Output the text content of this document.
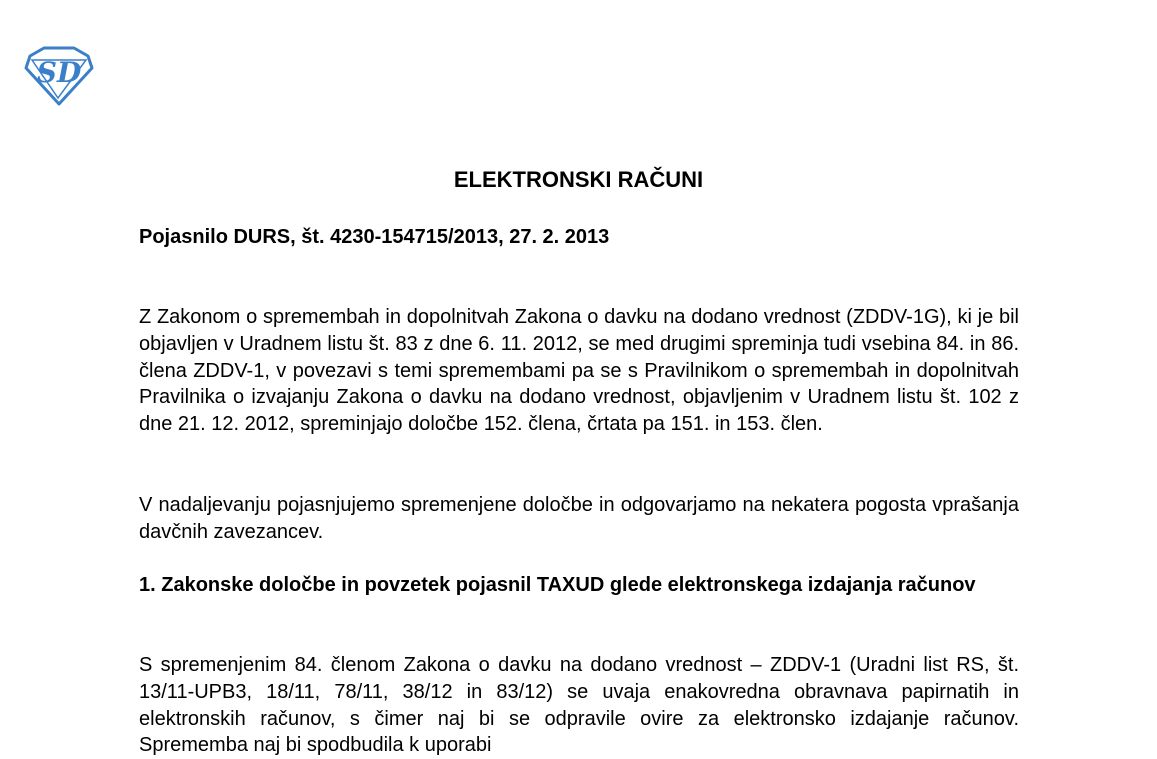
SD
ELEKTRONSKI RAČUNI

Pojasnilo DURS, št. 4230-154715/2013, 27. 2. 2013

Z Zakonom o spremembah in dopolnitvah Zakona o davku na dodano vrednost (ZDDV-1G), ki je bil objavljen v Uradnem listu št. 83 z dne 6. 11. 2012, se med drugimi spreminja tudi vsebina 84. in 86. člena ZDDV-1, v povezavi s temi spremembami pa se s Pravilnikom o spremembah in dopolnitvah Pravilnika o izvajanju Zakona o davku na dodano vrednost, objavljenim v Uradnem listu št. 102 z dne 21. 12. 2012, spreminjajo določbe 152. člena, črtata pa 151. in 153. člen.

V nadaljevanju pojasnjujemo spremenjene določbe in odgovarjamo na nekatera pogosta vprašanja davčnih zavezancev.

1. Zakonske določbe in povzetek pojasnil TAXUD glede elektronskega izdajanja računov

S spremenjenim 84. členom Zakona o davku na dodano vrednost – ZDDV-1 (Uradni list RS, št. 13/11-UPB3, 18/11, 78/11, 38/12 in 83/12) se uvaja enakovredna obravnava papirnatih in elektronskih računov, s čimer naj bi se odpravile ovire za elektronsko izdajanje računov. Sprememba naj bi spodbudila k uporabi
